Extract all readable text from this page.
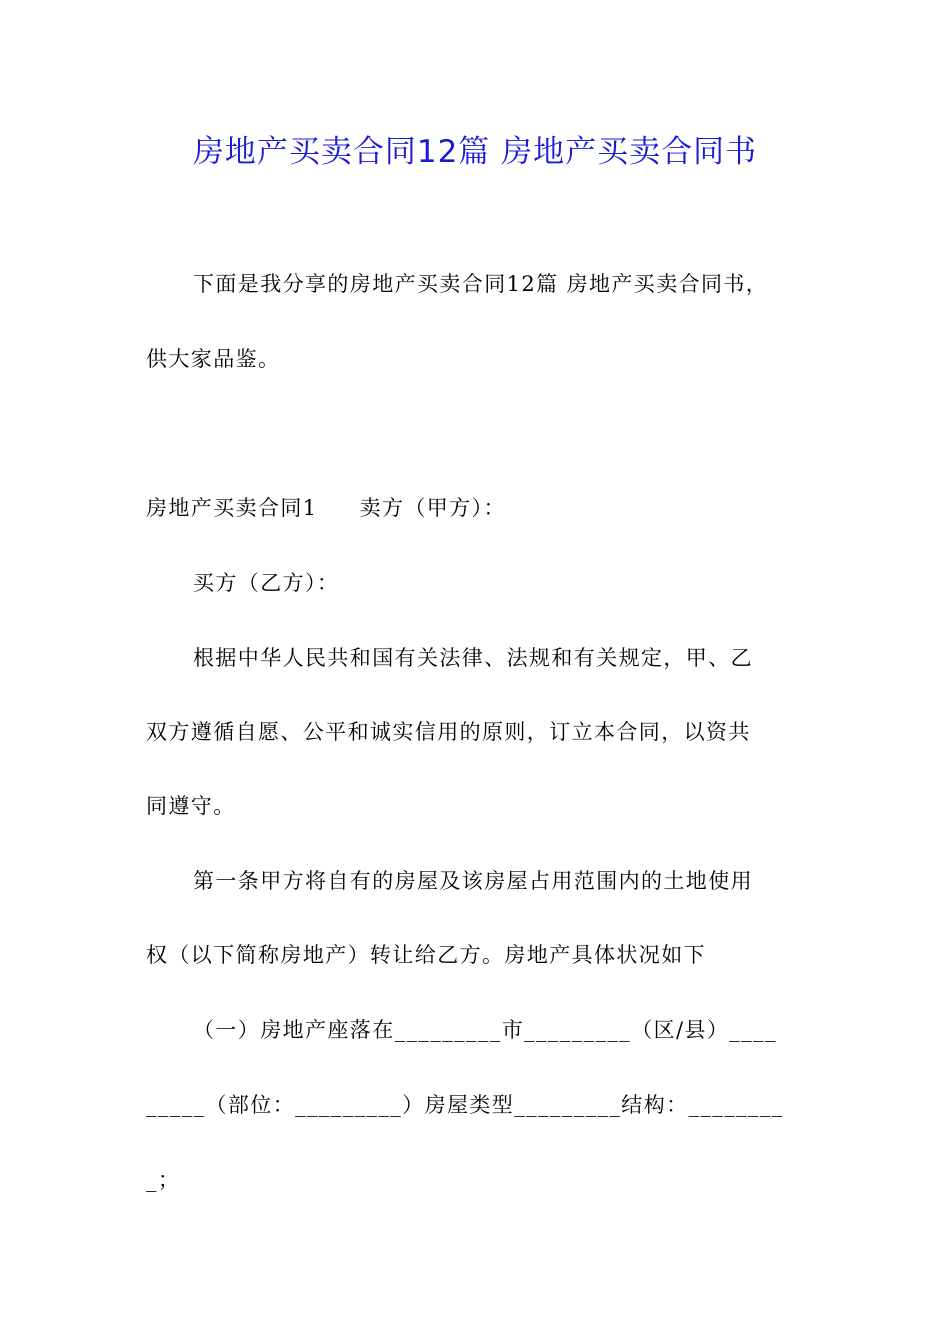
房地产买卖合同12篇 房地产买卖合同书
下面是我分享的房地产买卖合同12篇 房地产买卖合同书，
供大家品鉴。
房地产买卖合同1 卖方（甲方）：
买方（乙方）：
根据中华人民共和国有关法律、法规和有关规定，甲、乙
双方遵循自愿、公平和诚实信用的原则，订立本合同，以资共
同遵守。
第一条甲方将自有的房屋及该房屋占用范围内的土地使用
权（以下简称房地产）转让给乙方。房地产具体状况如下
（一）房地产座落在_________市_________（区/县）____
_____（部位：_________）房屋类型_________结构：________
_；
